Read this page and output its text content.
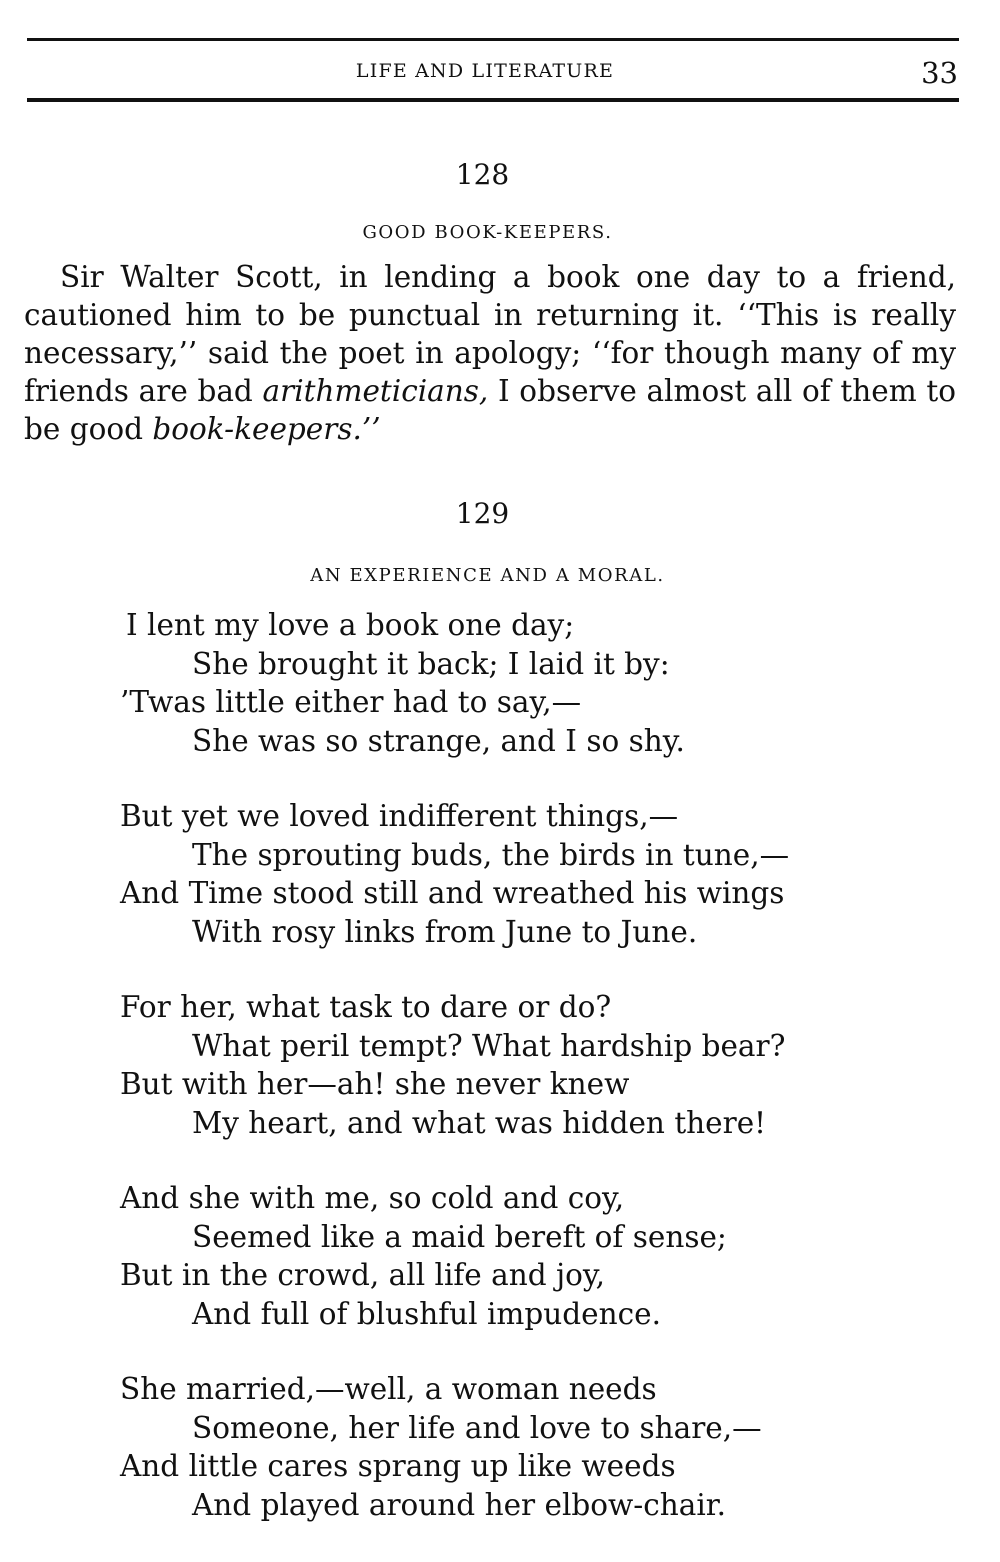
LIFE AND LITERATURE	33
128
GOOD BOOK-KEEPERS.

Sir Walter Scott, in lending a book one day to a friend, cautioned him to be punctual in returning it. ‘‘This is really necessary,’’ said the poet in apology; ‘‘for though many of my friends are bad arithmeticians, I observe almost all of them to be good book-keepers.’’

129
AN EXPERIENCE AND A MORAL.
I lent my love a book one day;
She brought it back; I laid it by:
’Twas little either had to say,—
She was so strange, and I so shy.
But yet we loved indifferent things,—
The sprouting buds, the birds in tune,—
And Time stood still and wreathed his wings
With rosy links from June to June.
For her, what task to dare or do?
What peril tempt? What hardship bear?
But with her—ah! she never knew
My heart, and what was hidden there!
And she with me, so cold and coy,
Seemed like a maid bereft of sense;
But in the crowd, all life and joy,
And full of blushful impudence.
She married,—well, a woman needs
Someone, her life and love to share,—
And little cares sprang up like weeds
And played around her elbow-chair.
